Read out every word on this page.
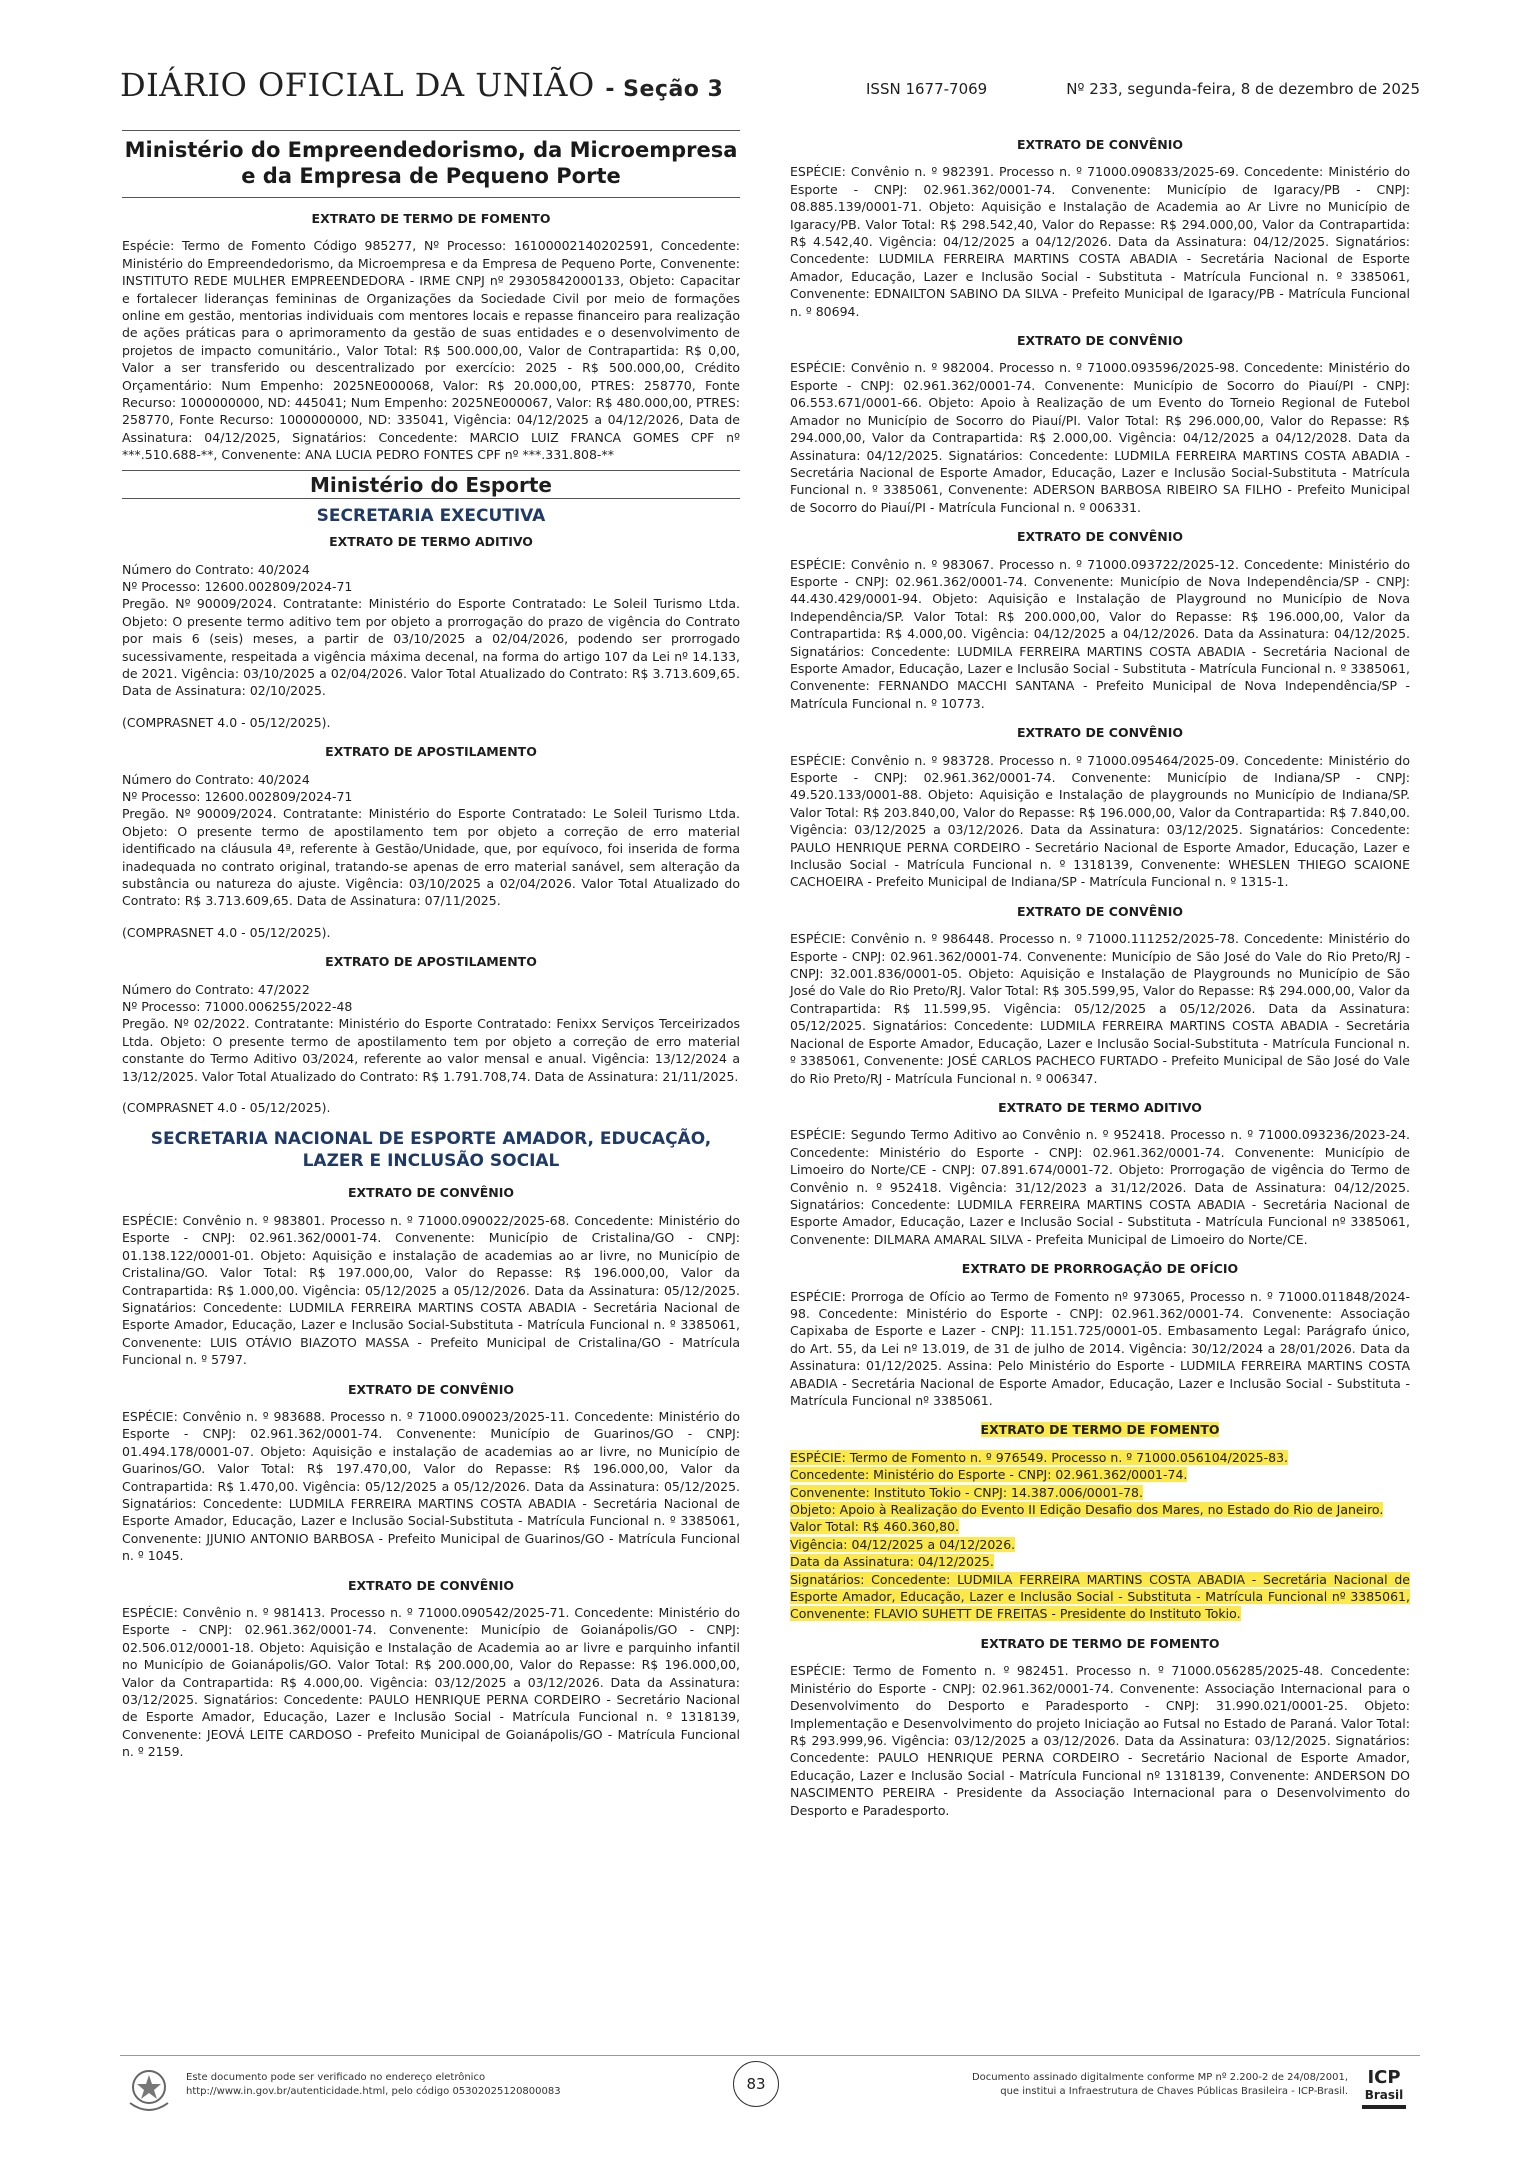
DIÁRIO OFICIAL DA UNIÃO - Seção 3	ISSN 1677-7069	Nº 233, segunda-feira, 8 de dezembro de 2025
Ministério do Empreendedorismo, da Microempresa e da Empresa de Pequeno Porte
EXTRATO DE TERMO DE FOMENTO
Espécie: Termo de Fomento Código 985277, Nº Processo: 16100002140202591, Concedente: Ministério do Empreendedorismo, da Microempresa e da Empresa de Pequeno Porte, Convenente: INSTITUTO REDE MULHER EMPREENDEDORA - IRME CNPJ nº 29305842000133, Objeto: Capacitar e fortalecer lideranças femininas de Organizações da Sociedade Civil por meio de formações online em gestão, mentorias individuais com mentores locais e repasse financeiro para realização de ações práticas para o aprimoramento da gestão de suas entidades e o desenvolvimento de projetos de impacto comunitário., Valor Total: R$ 500.000,00, Valor de Contrapartida: R$ 0,00, Valor a ser transferido ou descentralizado por exercício: 2025 - R$ 500.000,00, Crédito Orçamentário: Num Empenho: 2025NE000068, Valor: R$ 20.000,00, PTRES: 258770, Fonte Recurso: 1000000000, ND: 445041; Num Empenho: 2025NE000067, Valor: R$ 480.000,00, PTRES: 258770, Fonte Recurso: 1000000000, ND: 335041, Vigência: 04/12/2025 a 04/12/2026, Data de Assinatura: 04/12/2025, Signatários: Concedente: MARCIO LUIZ FRANCA GOMES CPF nº ***.510.688-**, Convenente: ANA LUCIA PEDRO FONTES CPF nº ***.331.808-**
Ministério do Esporte
SECRETARIA EXECUTIVA
EXTRATO DE TERMO ADITIVO
Número do Contrato: 40/2024
Nº Processo: 12600.002809/2024-71
Pregão. Nº 90009/2024. Contratante: Ministério do Esporte Contratado: Le Soleil Turismo Ltda. Objeto: O presente termo aditivo tem por objeto a prorrogação do prazo de vigência do Contrato por mais 6 (seis) meses, a partir de 03/10/2025 a 02/04/2026, podendo ser prorrogado sucessivamente, respeitada a vigência máxima decenal, na forma do artigo 107 da Lei nº 14.133, de 2021. Vigência: 03/10/2025 a 02/04/2026. Valor Total Atualizado do Contrato: R$ 3.713.609,65. Data de Assinatura: 02/10/2025.
(COMPRASNET 4.0 - 05/12/2025).
EXTRATO DE APOSTILAMENTO
Número do Contrato: 40/2024
Nº Processo: 12600.002809/2024-71
Pregão. Nº 90009/2024. Contratante: Ministério do Esporte Contratado: Le Soleil Turismo Ltda. Objeto: O presente termo de apostilamento tem por objeto a correção de erro material identificado na cláusula 4ª, referente à Gestão/Unidade, que, por equívoco, foi inserida de forma inadequada no contrato original, tratando-se apenas de erro material sanável, sem alteração da substância ou natureza do ajuste. Vigência: 03/10/2025 a 02/04/2026. Valor Total Atualizado do Contrato: R$ 3.713.609,65. Data de Assinatura: 07/11/2025.
(COMPRASNET 4.0 - 05/12/2025).
EXTRATO DE APOSTILAMENTO
Número do Contrato: 47/2022
Nº Processo: 71000.006255/2022-48
Pregão. Nº 02/2022. Contratante: Ministério do Esporte Contratado: Fenixx Serviços Terceirizados Ltda. Objeto: O presente termo de apostilamento tem por objeto a correção de erro material constante do Termo Aditivo 03/2024, referente ao valor mensal e anual. Vigência: 13/12/2024 a 13/12/2025. Valor Total Atualizado do Contrato: R$ 1.791.708,74. Data de Assinatura: 21/11/2025.
(COMPRASNET 4.0 - 05/12/2025).
SECRETARIA NACIONAL DE ESPORTE AMADOR, EDUCAÇÃO, LAZER E INCLUSÃO SOCIAL
EXTRATO DE CONVÊNIO
ESPÉCIE: Convênio n. º 983801. Processo n. º 71000.090022/2025-68. Concedente: Ministério do Esporte - CNPJ: 02.961.362/0001-74. Convenente: Município de Cristalina/GO - CNPJ: 01.138.122/0001-01. Objeto: Aquisição e instalação de academias ao ar livre, no Município de Cristalina/GO. Valor Total: R$ 197.000,00, Valor do Repasse: R$ 196.000,00, Valor da Contrapartida: R$ 1.000,00. Vigência: 05/12/2025 a 05/12/2026. Data da Assinatura: 05/12/2025. Signatários: Concedente: LUDMILA FERREIRA MARTINS COSTA ABADIA - Secretária Nacional de Esporte Amador, Educação, Lazer e Inclusão Social-Substituta - Matrícula Funcional n. º 3385061, Convenente: LUIS OTÁVIO BIAZOTO MASSA - Prefeito Municipal de Cristalina/GO - Matrícula Funcional n. º 5797.
EXTRATO DE CONVÊNIO
ESPÉCIE: Convênio n. º 983688. Processo n. º 71000.090023/2025-11. Concedente: Ministério do Esporte - CNPJ: 02.961.362/0001-74. Convenente: Município de Guarinos/GO - CNPJ: 01.494.178/0001-07. Objeto: Aquisição e instalação de academias ao ar livre, no Município de Guarinos/GO. Valor Total: R$ 197.470,00, Valor do Repasse: R$ 196.000,00, Valor da Contrapartida: R$ 1.470,00. Vigência: 05/12/2025 a 05/12/2026. Data da Assinatura: 05/12/2025. Signatários: Concedente: LUDMILA FERREIRA MARTINS COSTA ABADIA - Secretária Nacional de Esporte Amador, Educação, Lazer e Inclusão Social-Substituta - Matrícula Funcional n. º 3385061, Convenente: JJUNIO ANTONIO BARBOSA - Prefeito Municipal de Guarinos/GO - Matrícula Funcional n. º 1045.
EXTRATO DE CONVÊNIO
ESPÉCIE: Convênio n. º 981413. Processo n. º 71000.090542/2025-71. Concedente: Ministério do Esporte - CNPJ: 02.961.362/0001-74. Convenente: Município de Goianápolis/GO - CNPJ: 02.506.012/0001-18. Objeto: Aquisição e Instalação de Academia ao ar livre e parquinho infantil no Município de Goianápolis/GO. Valor Total: R$ 200.000,00, Valor do Repasse: R$ 196.000,00, Valor da Contrapartida: R$ 4.000,00. Vigência: 03/12/2025 a 03/12/2026. Data da Assinatura: 03/12/2025. Signatários: Concedente: PAULO HENRIQUE PERNA CORDEIRO - Secretário Nacional de Esporte Amador, Educação, Lazer e Inclusão Social - Matrícula Funcional n. º 1318139, Convenente: JEOVÁ LEITE CARDOSO - Prefeito Municipal de Goianápolis/GO - Matrícula Funcional n. º 2159.
EXTRATO DE CONVÊNIO
ESPÉCIE: Convênio n. º 982391. Processo n. º 71000.090833/2025-69. Concedente: Ministério do Esporte - CNPJ: 02.961.362/0001-74. Convenente: Município de Igaracy/PB - CNPJ: 08.885.139/0001-71. Objeto: Aquisição e Instalação de Academia ao Ar Livre no Município de Igaracy/PB. Valor Total: R$ 298.542,40, Valor do Repasse: R$ 294.000,00, Valor da Contrapartida: R$ 4.542,40. Vigência: 04/12/2025 a 04/12/2026. Data da Assinatura: 04/12/2025. Signatários: Concedente: LUDMILA FERREIRA MARTINS COSTA ABADIA - Secretária Nacional de Esporte Amador, Educação, Lazer e Inclusão Social - Substituta - Matrícula Funcional n. º 3385061, Convenente: EDNAILTON SABINO DA SILVA - Prefeito Municipal de Igaracy/PB - Matrícula Funcional n. º 80694.
EXTRATO DE CONVÊNIO
ESPÉCIE: Convênio n. º 982004. Processo n. º 71000.093596/2025-98. Concedente: Ministério do Esporte - CNPJ: 02.961.362/0001-74. Convenente: Município de Socorro do Piauí/PI - CNPJ: 06.553.671/0001-66. Objeto: Apoio à Realização de um Evento do Torneio Regional de Futebol Amador no Município de Socorro do Piauí/PI. Valor Total: R$ 296.000,00, Valor do Repasse: R$ 294.000,00, Valor da Contrapartida: R$ 2.000,00. Vigência: 04/12/2025 a 04/12/2028. Data da Assinatura: 04/12/2025. Signatários: Concedente: LUDMILA FERREIRA MARTINS COSTA ABADIA - Secretária Nacional de Esporte Amador, Educação, Lazer e Inclusão Social-Substituta - Matrícula Funcional n. º 3385061, Convenente: ADERSON BARBOSA RIBEIRO SA FILHO - Prefeito Municipal de Socorro do Piauí/PI - Matrícula Funcional n. º 006331.
EXTRATO DE CONVÊNIO
ESPÉCIE: Convênio n. º 983067. Processo n. º 71000.093722/2025-12. Concedente: Ministério do Esporte - CNPJ: 02.961.362/0001-74. Convenente: Município de Nova Independência/SP - CNPJ: 44.430.429/0001-94. Objeto: Aquisição e Instalação de Playground no Município de Nova Independência/SP. Valor Total: R$ 200.000,00, Valor do Repasse: R$ 196.000,00, Valor da Contrapartida: R$ 4.000,00. Vigência: 04/12/2025 a 04/12/2026. Data da Assinatura: 04/12/2025. Signatários: Concedente: LUDMILA FERREIRA MARTINS COSTA ABADIA - Secretária Nacional de Esporte Amador, Educação, Lazer e Inclusão Social - Substituta - Matrícula Funcional n. º 3385061, Convenente: FERNANDO MACCHI SANTANA - Prefeito Municipal de Nova Independência/SP - Matrícula Funcional n. º 10773.
EXTRATO DE CONVÊNIO
ESPÉCIE: Convênio n. º 983728. Processo n. º 71000.095464/2025-09. Concedente: Ministério do Esporte - CNPJ: 02.961.362/0001-74. Convenente: Município de Indiana/SP - CNPJ: 49.520.133/0001-88. Objeto: Aquisição e Instalação de playgrounds no Município de Indiana/SP. Valor Total: R$ 203.840,00, Valor do Repasse: R$ 196.000,00, Valor da Contrapartida: R$ 7.840,00. Vigência: 03/12/2025 a 03/12/2026. Data da Assinatura: 03/12/2025. Signatários: Concedente: PAULO HENRIQUE PERNA CORDEIRO - Secretário Nacional de Esporte Amador, Educação, Lazer e Inclusão Social - Matrícula Funcional n. º 1318139, Convenente: WHESLEN THIEGO SCAIONE CACHOEIRA - Prefeito Municipal de Indiana/SP - Matrícula Funcional n. º 1315-1.
EXTRATO DE CONVÊNIO
ESPÉCIE: Convênio n. º 986448. Processo n. º 71000.111252/2025-78. Concedente: Ministério do Esporte - CNPJ: 02.961.362/0001-74. Convenente: Município de São José do Vale do Rio Preto/RJ - CNPJ: 32.001.836/0001-05. Objeto: Aquisição e Instalação de Playgrounds no Município de São José do Vale do Rio Preto/RJ. Valor Total: R$ 305.599,95, Valor do Repasse: R$ 294.000,00, Valor da Contrapartida: R$ 11.599,95. Vigência: 05/12/2025 a 05/12/2026. Data da Assinatura: 05/12/2025. Signatários: Concedente: LUDMILA FERREIRA MARTINS COSTA ABADIA - Secretária Nacional de Esporte Amador, Educação, Lazer e Inclusão Social-Substituta - Matrícula Funcional n. º 3385061, Convenente: JOSÉ CARLOS PACHECO FURTADO - Prefeito Municipal de São José do Vale do Rio Preto/RJ - Matrícula Funcional n. º 006347.
EXTRATO DE TERMO ADITIVO
ESPÉCIE: Segundo Termo Aditivo ao Convênio n. º 952418. Processo n. º 71000.093236/2023-24. Concedente: Ministério do Esporte - CNPJ: 02.961.362/0001-74. Convenente: Município de Limoeiro do Norte/CE - CNPJ: 07.891.674/0001-72. Objeto: Prorrogação de vigência do Termo de Convênio n. º 952418. Vigência: 31/12/2023 a 31/12/2026. Data de Assinatura: 04/12/2025. Signatários: Concedente: LUDMILA FERREIRA MARTINS COSTA ABADIA - Secretária Nacional de Esporte Amador, Educação, Lazer e Inclusão Social - Substituta - Matrícula Funcional nº 3385061, Convenente: DILMARA AMARAL SILVA - Prefeita Municipal de Limoeiro do Norte/CE.
EXTRATO DE PRORROGAÇÃO DE OFÍCIO
ESPÉCIE: Prorroga de Ofício ao Termo de Fomento nº 973065, Processo n. º 71000.011848/2024-98. Concedente: Ministério do Esporte - CNPJ: 02.961.362/0001-74. Convenente: Associação Capixaba de Esporte e Lazer - CNPJ: 11.151.725/0001-05. Embasamento Legal: Parágrafo único, do Art. 55, da Lei nº 13.019, de 31 de julho de 2014. Vigência: 30/12/2024 a 28/01/2026. Data da Assinatura: 01/12/2025. Assina: Pelo Ministério do Esporte - LUDMILA FERREIRA MARTINS COSTA ABADIA - Secretária Nacional de Esporte Amador, Educação, Lazer e Inclusão Social - Substituta - Matrícula Funcional nº 3385061.
EXTRATO DE TERMO DE FOMENTO
ESPÉCIE: Termo de Fomento n. º 976549. Processo n. º 71000.056104/2025-83.
Concedente: Ministério do Esporte - CNPJ: 02.961.362/0001-74.
Convenente: Instituto Tokio - CNPJ: 14.387.006/0001-78.
Objeto: Apoio à Realização do Evento II Edição Desafio dos Mares, no Estado do Rio de Janeiro.
Valor Total: R$ 460.360,80.
Vigência: 04/12/2025 a 04/12/2026.
Data da Assinatura: 04/12/2025.
Signatários: Concedente: LUDMILA FERREIRA MARTINS COSTA ABADIA - Secretária Nacional de Esporte Amador, Educação, Lazer e Inclusão Social - Substituta - Matrícula Funcional nº 3385061, Convenente: FLAVIO SUHETT DE FREITAS - Presidente do Instituto Tokio.
EXTRATO DE TERMO DE FOMENTO
ESPÉCIE: Termo de Fomento n. º 982451. Processo n. º 71000.056285/2025-48. Concedente: Ministério do Esporte - CNPJ: 02.961.362/0001-74. Convenente: Associação Internacional para o Desenvolvimento do Desporto e Paradesporto - CNPJ: 31.990.021/0001-25. Objeto: Implementação e Desenvolvimento do projeto Iniciação ao Futsal no Estado de Paraná. Valor Total: R$ 293.999,96. Vigência: 03/12/2025 a 03/12/2026. Data da Assinatura: 03/12/2025. Signatários: Concedente: PAULO HENRIQUE PERNA CORDEIRO - Secretário Nacional de Esporte Amador, Educação, Lazer e Inclusão Social - Matrícula Funcional nº 1318139, Convenente: ANDERSON DO NASCIMENTO PEREIRA - Presidente da Associação Internacional para o Desenvolvimento do Desporto e Paradesporto.
Este documento pode ser verificado no endereço eletrônico
http://www.in.gov.br/autenticidade.html, pelo código 05302025120800083	83	Documento assinado digitalmente conforme MP nº 2.200-2 de 24/08/2001,
que institui a Infraestrutura de Chaves Públicas Brasileira - ICP-Brasil.
ICP
Brasil
